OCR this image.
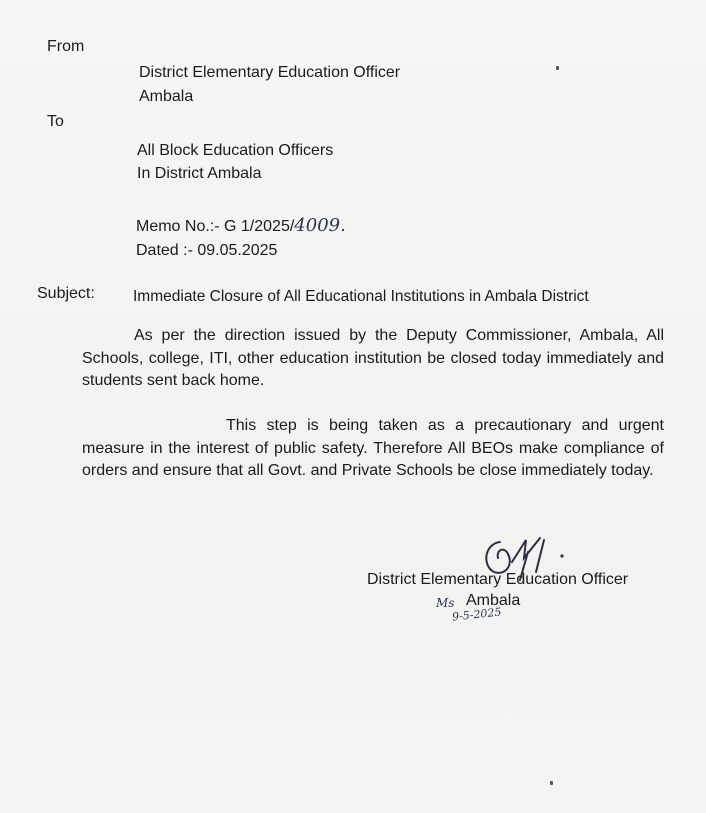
From
District Elementary Education Officer
Ambala
To
All Block Education Officers
In District Ambala
Memo No.:- G 1/2025/4009.
Dated :- 09.05.2025
Subject: Immediate Closure of All Educational Institutions in Ambala District
As per the direction issued by the Deputy Commissioner, Ambala, All Schools, college, ITI, other education institution be closed today immediately and students sent back home.
This step is being taken as a precautionary and urgent measure in the interest of public safety. Therefore All BEOs make compliance of orders and ensure that all Govt. and Private Schools be close immediately today.
District Elementary Education Officer
Ambala
Ms
9-5-2025
